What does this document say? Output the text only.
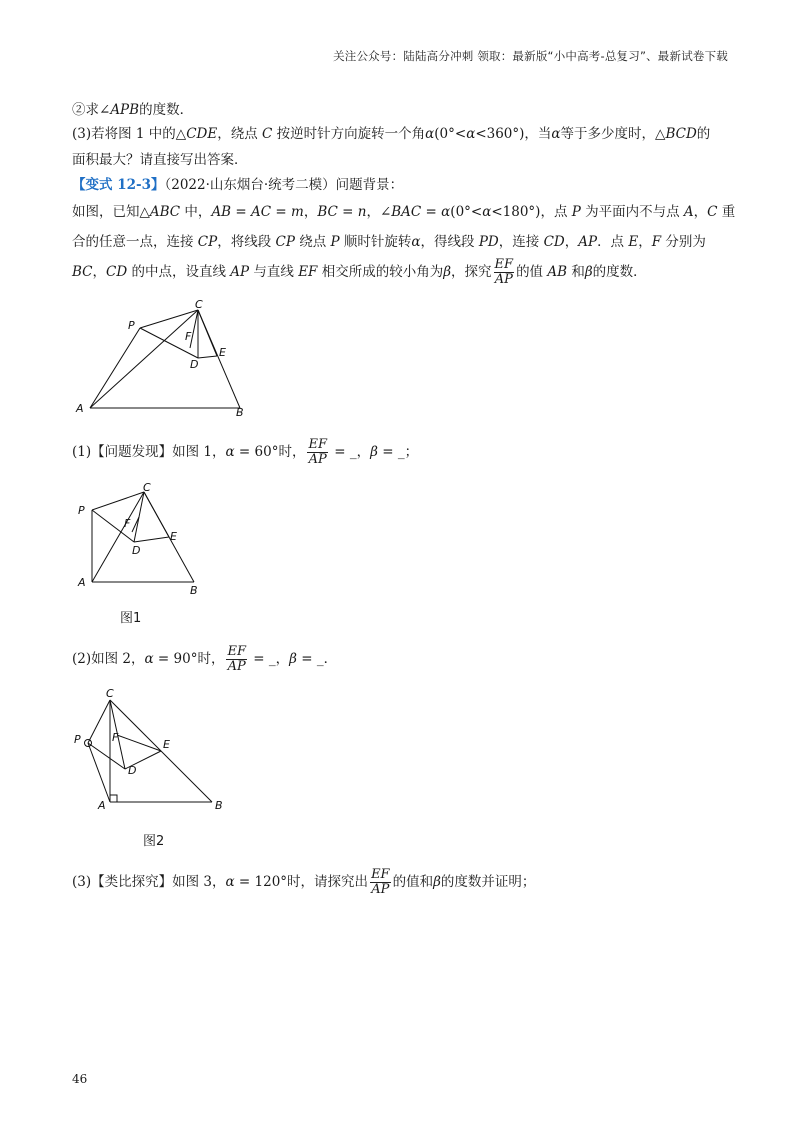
关注公众号：陆陆高分冲刺 领取：最新版“小中高考-总复习”、最新试卷下载
②求∠APB的度数．
(3)若将图 1 中的△CDE，绕点 C 按逆时针方向旋转一个角α(0°<α<360°)，当α等于多少度时，△BCD的
面积最大？请直接写出答案．
【变式 12-3】（2022·山东烟台·统考二模）问题背景：
如图，已知△ABC 中，AB = AC = m，BC = n，∠BAC = α(0°<α<180°)，点 P 为平面内不与点 A，C 重
合的任意一点，连接 CP，将线段 CP 绕点 P 顺时针旋转α，得线段 PD，连接 CD，AP．点 E，F 分别为
BC，CD 的中点，设直线 AP 与直线 EF 相交所成的较小角为β，探究 $\frac{EF}{AP}$ 的值 AB 和β的度数．
C
P
F
D
E
A	B
(1)【问题发现】如图 1，α = 60°时， $\frac{EF}{AP}$ = _，β = _；
C
P
F
D
E
A
B
图1
(2)如图 2，α = 90°时， $\frac{EF}{AP}$ = _，β = _．
C
P	F
D
E
A	B
图2
(3)【类比探究】如图 3，α = 120°时，请探究出 $\frac{EF}{AP}$ 的值和β的度数并证明；
46
